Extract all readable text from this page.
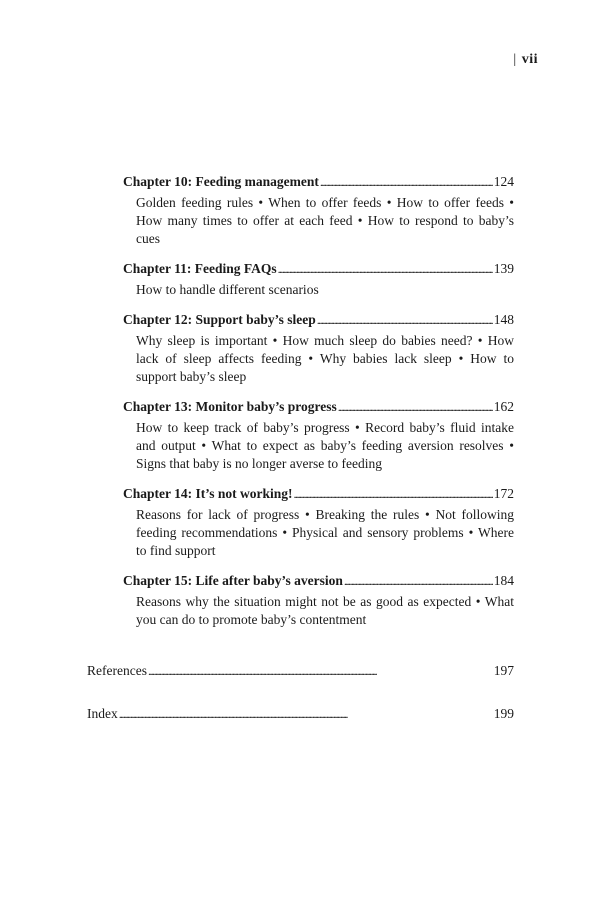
| vii
Chapter 10: Feeding management . . .	124
Golden feeding rules • When to offer feeds • How to offer feeds • How many times to offer at each feed • How to respond to baby’s cues
Chapter 11: Feeding FAQs . . .	139
How to handle different scenarios
Chapter 12: Support baby’s sleep . . .	148
Why sleep is important • How much sleep do babies need? • How lack of sleep affects feeding • Why babies lack sleep • How to support baby’s sleep
Chapter 13: Monitor baby’s progress . . .	162
How to keep track of baby’s progress • Record baby’s fluid intake and output • What to expect as baby’s feeding aversion resolves • Signs that baby is no longer averse to feeding
Chapter 14: It’s not working! . . .	172
Reasons for lack of progress • Breaking the rules • Not following feeding recommendations • Physical and sensory problems • Where to find support
Chapter 15: Life after baby’s aversion . . .	184
Reasons why the situation might not be as good as expected • What you can do to promote baby’s contentment
References . . .	197
Index . . .	199
